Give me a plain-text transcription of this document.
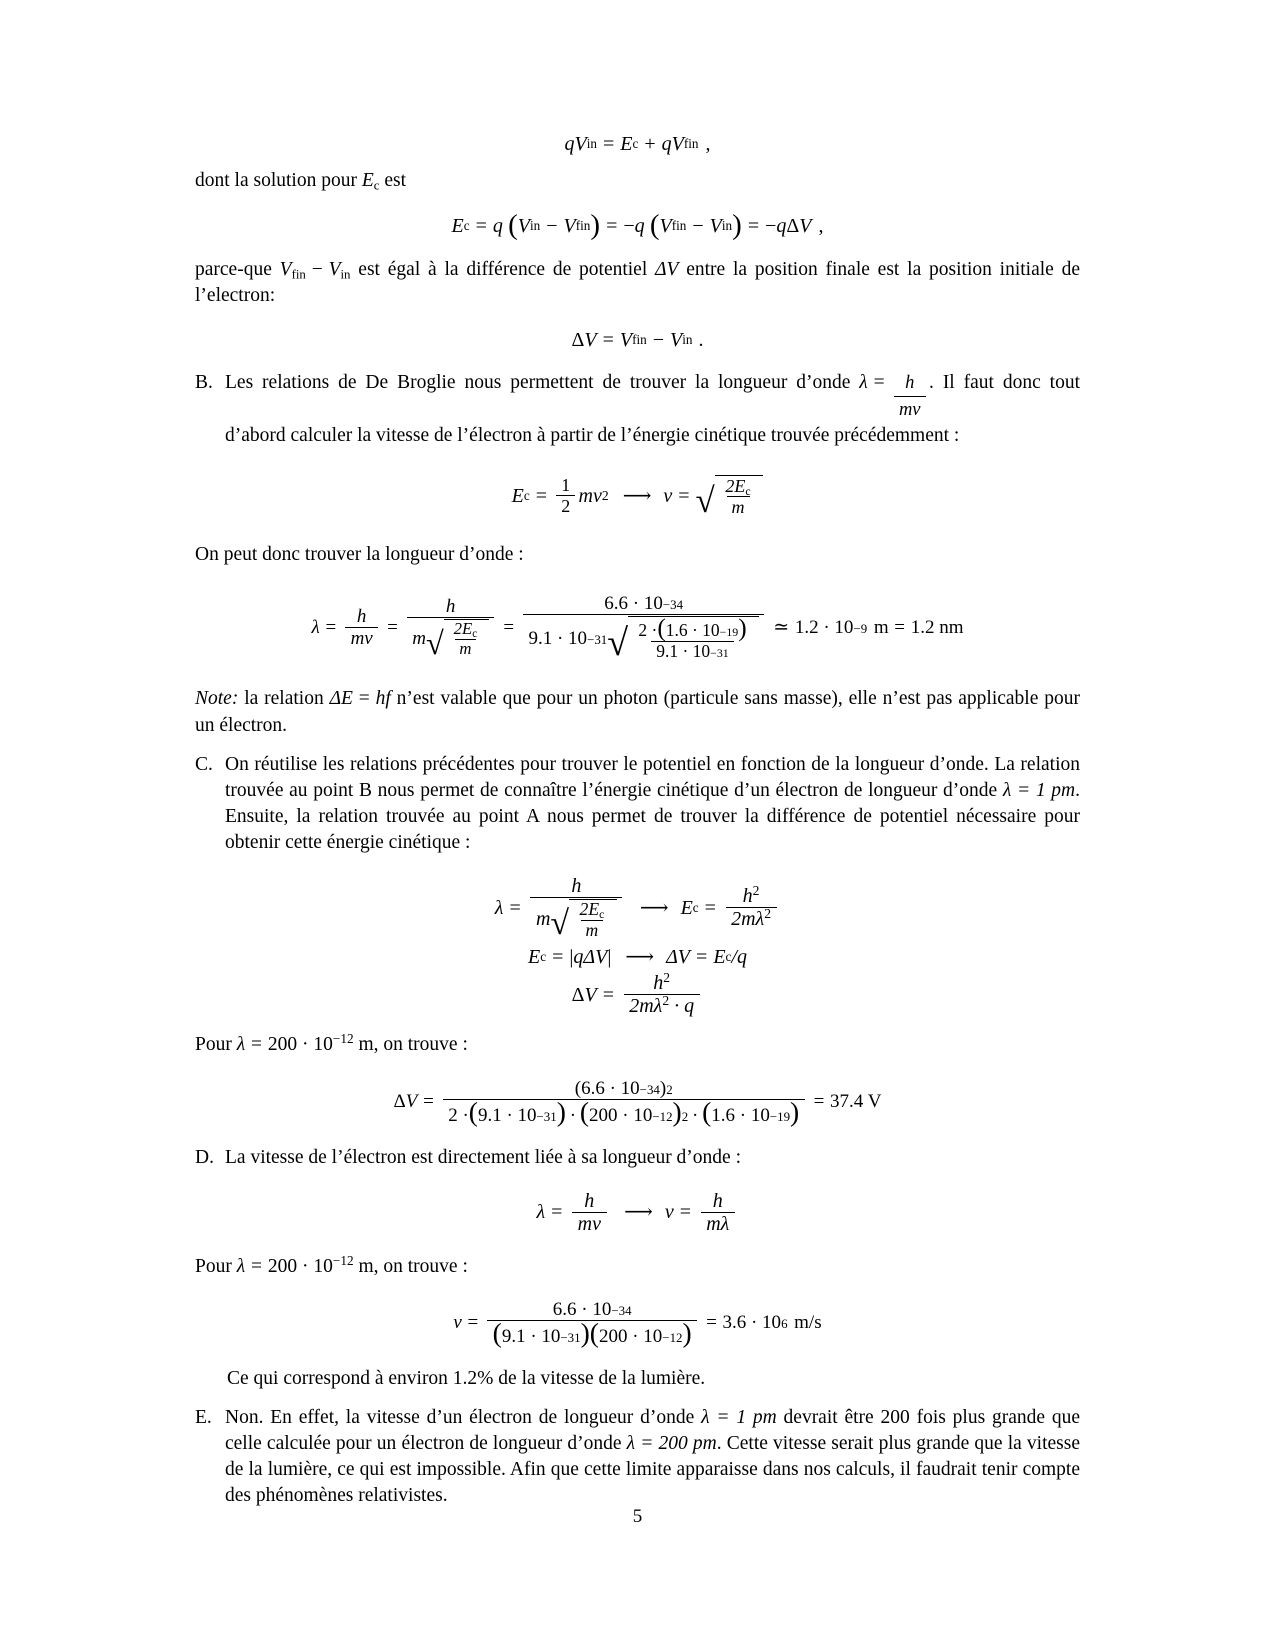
q V in = E c + q V fin ,

dont la solution pour Ec est

E c = q ( V in − V fin ) = − q ( V fin − V in ) = − q Δ V ,

parce-que Vfin − Vin est égal à la différence de potentiel ΔV entre la position finale est la position initiale de l’electron:

Δ V = V fin − V in .
B. Les relations de De Broglie nous permettent de trouver la longueur d’onde $\lambda = \frac{h}{mv}$ . Il faut donc tout d’abord calculer la vitesse de l’électron à partir de l’énergie cinétique trouvée précédemment :
E $c = \frac{1}{2}$ m v 2 ⟶ v = √ $\frac{2Ec}{m}$

On peut donc trouver la longueur d’onde :

$\lambda = \frac{h}{mv}$ =
h
m √ $\frac{2Ec}{m}$ =
6.6 · 10 −34
9.1 · 10 −31 √ 2 · ( 1.6 · 10 −19 )
9.1 · 10 −31
≃ 1.2 · 10 −9 m = 1.2 nm

Note: la relation ΔE = hf n’est valable que pour un photon (particule sans masse), elle n’est pas applicable pour un électron.

C. On réutilise les relations précédentes pour trouver le potentiel en fonction de la longueur d’onde. La relation trouvée au point B nous permet de connaître l’énergie cinétique d’un électron de longueur d’onde λ = 1 pm. Ensuite, la relation trouvée au point A nous permet de trouver la différence de potentiel nécessaire pour obtenir cette énergie cinétique :
λ =
h
m √ $\frac{2Ec}{m}$ ⟶ E $c = \frac{h^2}{2m\lambda^2}$
E c = | q ΔV | ⟶ ΔV = E c /q
Δ $V = \frac{h^2}{2m\lambda^2 \cdot q}$

Pour $\lambda = 200 \cdot 10^{-12}$ m, on trouve :

Δ V =
( 6.6 · 10 −34 ) 2
2 · ( 9.1 · 10 −31 ) · ( 200 · 10 −12 ) 2 · ( 1.6 · 10 −19 ) = 37.4 V
D. La vitesse de l’électron est directement liée à sa longueur d’onde :
$\lambda = \frac{h}{mv}$ ⟶ $v = \frac{h}{m\lambda}$

Pour $\lambda = 200 \cdot 10^{-12}$ m, on trouve :

$v = \frac{6.6 \cdot 10 -34}{( 9.1 \cdot 10 -31 ) ( 200 \cdot 10 -12 )} = 3.6 \cdot 10$ 6 m/s

Ce qui correspond à environ 1.2% de la vitesse de la lumière.

E. Non. En effet, la vitesse d’un électron de longueur d’onde λ = 1 pm devrait être 200 fois plus grande que celle calculée pour un électron de longueur d’onde λ = 200 pm. Cette vitesse serait plus grande que la vitesse de la lumière, ce qui est impossible. Afin que cette limite apparaisse dans nos calculs, il faudrait tenir compte des phénomènes relativistes.
5
